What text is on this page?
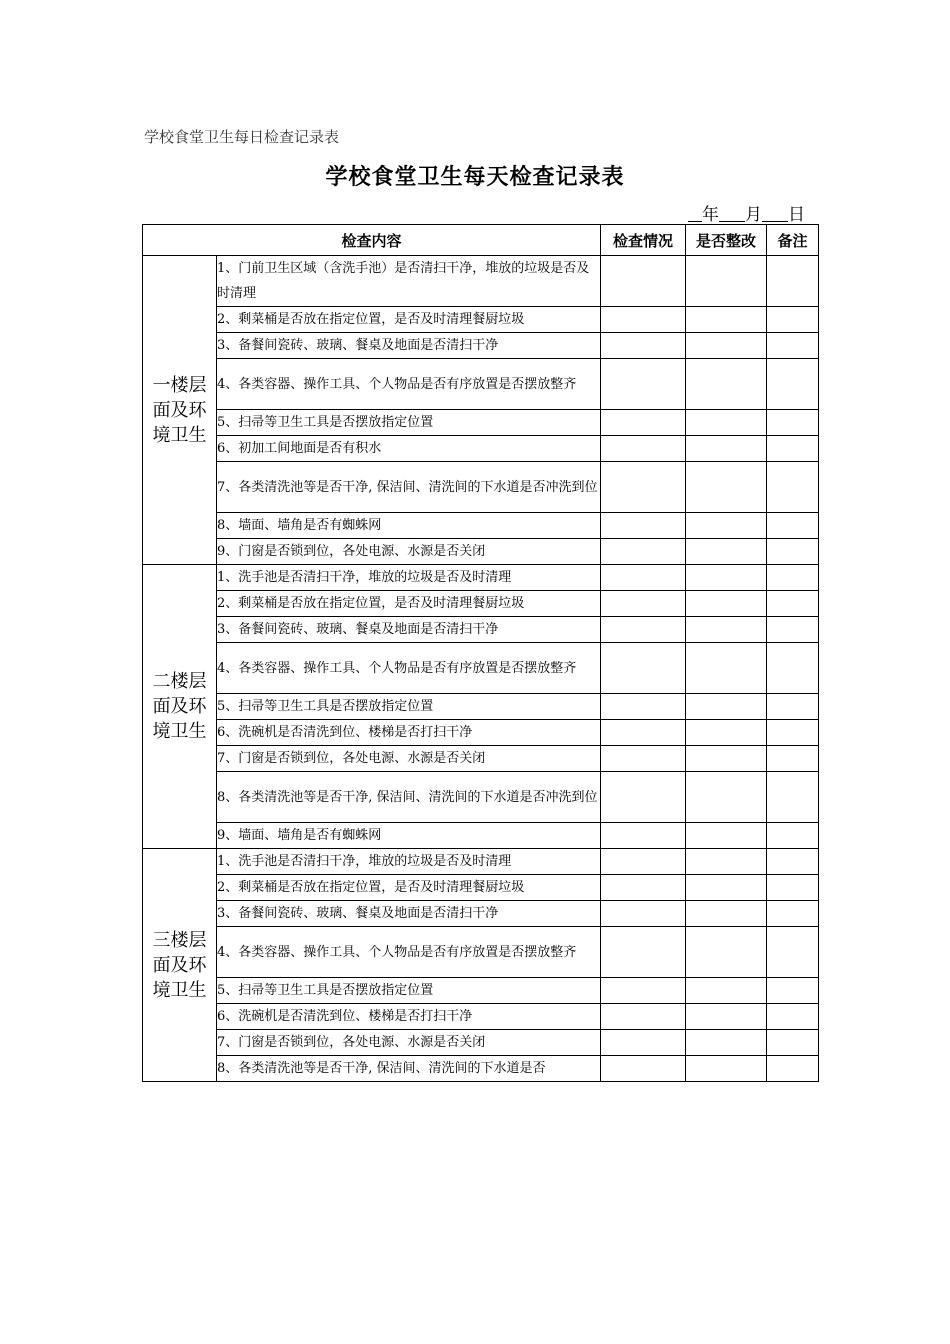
学校食堂卫生每日检查记录表
学校食堂卫生每天检查记录表
年 月 日
检查内容		检查情况	是否整改	备注
一楼层面及环境卫生	1、门前卫生区域（含洗手池）是否清扫干净，堆放的垃圾是否及时清理			
	2、剩菜桶是否放在指定位置，是否及时清理餐厨垃圾			
	3、备餐间瓷砖、玻璃、餐桌及地面是否清扫干净			
	4、各类容器、操作工具、个人物品是否有序放置是否摆放整齐			
	5、扫帚等卫生工具是否摆放指定位置			
	6、初加工间地面是否有积水			
	7、各类清洗池等是否干净, 保洁间、清洗间的下水道是否冲洗到位			
	8、墙面、墙角是否有蜘蛛网			
	9、门窗是否锁到位，各处电源、水源是否关闭			
二楼层面及环境卫生	1、洗手池是否清扫干净，堆放的垃圾是否及时清理			
	2、剩菜桶是否放在指定位置，是否及时清理餐厨垃圾			
	3、备餐间瓷砖、玻璃、餐桌及地面是否清扫干净			
	4、各类容器、操作工具、个人物品是否有序放置是否摆放整齐			
	5、扫帚等卫生工具是否摆放指定位置			
	6、洗碗机是否清洗到位、楼梯是否打扫干净			
	7、门窗是否锁到位，各处电源、水源是否关闭			
	8、各类清洗池等是否干净, 保洁间、清洗间的下水道是否冲洗到位			
	9、墙面、墙角是否有蜘蛛网			
三楼层面及环境卫生	1、洗手池是否清扫干净，堆放的垃圾是否及时清理			
	2、剩菜桶是否放在指定位置，是否及时清理餐厨垃圾			
	3、备餐间瓷砖、玻璃、餐桌及地面是否清扫干净			
	4、各类容器、操作工具、个人物品是否有序放置是否摆放整齐			
	5、扫帚等卫生工具是否摆放指定位置			
	6、洗碗机是否清洗到位、楼梯是否打扫干净			
	7、门窗是否锁到位，各处电源、水源是否关闭			
	8、各类清洗池等是否干净, 保洁间、清洗间的下水道是否			
